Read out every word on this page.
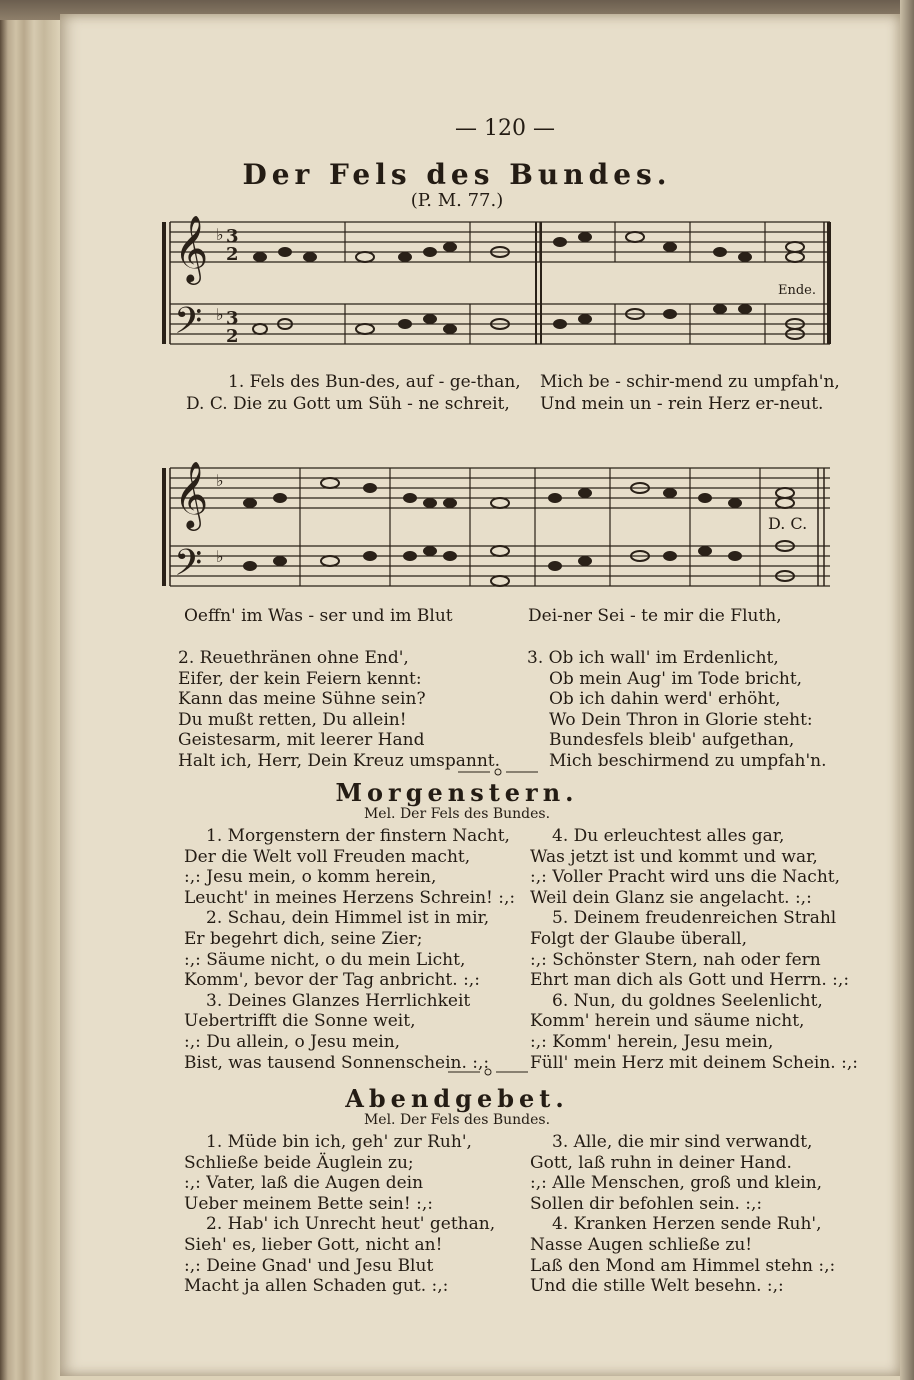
— 120 —
Der Fels des Bundes.
(P. M. 77.)
𝄞
𝄢
♭ 3
2
♭ 3
2
Ende.
1. Fels des Bun-des, auf - ge-than, Mich be - schir-mend zu umpfah'n,
D. C. Die zu Gott um Süh - ne schreit, Und mein un - rein Herz er-neut.
𝄞
𝄢
♭
♭
D. C.
Oeffn' im Was - ser und im Blut	Dei-ner Sei - te mir die Fluth,
2. Reuethränen ohne End',
Eifer, der kein Feiern kennt:
Kann das meine Sühne sein?
Du mußt retten, Du allein!
Geistesarm, mit leerer Hand
Halt ich, Herr, Dein Kreuz umspannt.
3. Ob ich wall' im Erdenlicht,
Ob mein Aug' im Tode bricht,
Ob ich dahin werd' erhöht,
Wo Dein Thron in Glorie steht:
Bundesfels bleib' aufgethan,
Mich beschirmend zu umpfah'n.
Morgenstern.
Mel. Der Fels des Bundes.
1. Morgenstern der finstern Nacht,
Der die Welt voll Freuden macht,
:,: Jesu mein, o komm herein,
Leucht' in meines Herzens Schrein! :,:
2. Schau, dein Himmel ist in mir,
Er begehrt dich, seine Zier;
:,: Säume nicht, o du mein Licht,
Komm', bevor der Tag anbricht. :,:
3. Deines Glanzes Herrlichkeit
Uebertrifft die Sonne weit,
:,: Du allein, o Jesu mein,
Bist, was tausend Sonnenschein. :,:
4. Du erleuchtest alles gar,
Was jetzt ist und kommt und war,
:,: Voller Pracht wird uns die Nacht,
Weil dein Glanz sie angelacht. :,:
5. Deinem freudenreichen Strahl
Folgt der Glaube überall,
:,: Schönster Stern, nah oder fern
Ehrt man dich als Gott und Herrn. :,:
6. Nun, du goldnes Seelenlicht,
Komm' herein und säume nicht,
:,: Komm' herein, Jesu mein,
Füll' mein Herz mit deinem Schein. :,:
Abendgebet.
Mel. Der Fels des Bundes.
1. Müde bin ich, geh' zur Ruh',
Schließe beide Äuglein zu;
:,: Vater, laß die Augen dein
Ueber meinem Bette sein! :,:
2. Hab' ich Unrecht heut' gethan,
Sieh' es, lieber Gott, nicht an!
:,: Deine Gnad' und Jesu Blut
Macht ja allen Schaden gut. :,:
3. Alle, die mir sind verwandt,
Gott, laß ruhn in deiner Hand.
:,: Alle Menschen, groß und klein,
Sollen dir befohlen sein. :,:
4. Kranken Herzen sende Ruh',
Nasse Augen schließe zu!
Laß den Mond am Himmel stehn :,:
Und die stille Welt besehn. :,:
